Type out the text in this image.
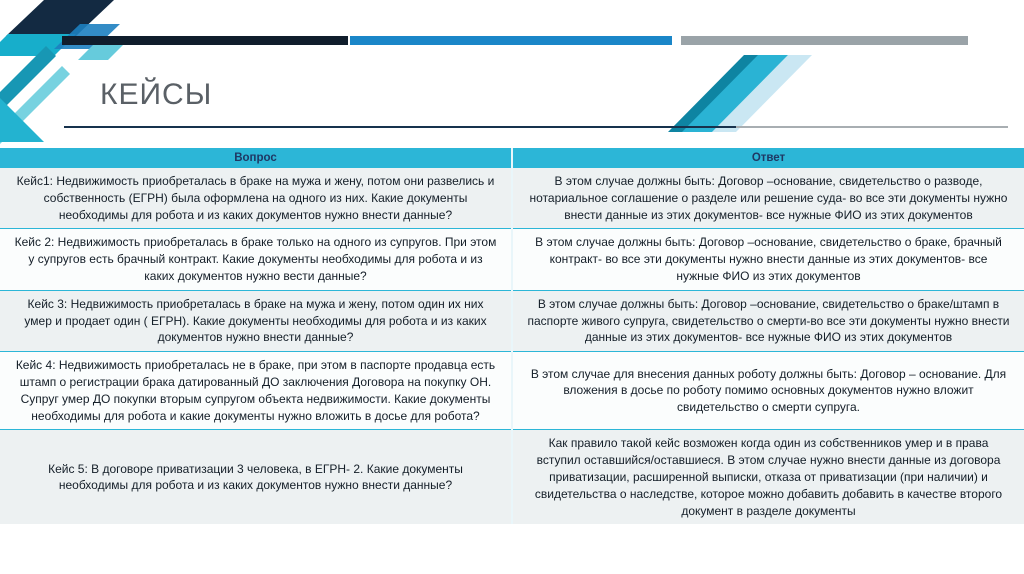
КЕЙСЫ
Вопрос	Ответ
Кейс1: Недвижимость приобреталась в браке на мужа и жену, потом они развелись и собственность (ЕГРН) была оформлена на одного из них. Какие документы необходимы для робота и из каких документов нужно внести данные?	В этом случае должны быть: Договор –основание, свидетельство о разводе, нотариальное соглашение о разделе или решение суда- во все эти документы нужно внести данные из этих документов- все нужные ФИО из этих документов
Кейс 2: Недвижимость приобреталась в браке только на одного из супругов. При этом у супругов есть брачный контракт. Какие документы необходимы для робота и из каких документов нужно вести данные?	В этом случае должны быть: Договор –основание, свидетельство о браке, брачный контракт- во все эти документы нужно внести данные из этих документов- все нужные ФИО из этих документов
Кейс 3: Недвижимость приобреталась в браке на мужа и жену, потом один их них умер и продает один ( ЕГРН). Какие документы необходимы для робота и из каких документов нужно внести данные?	В этом случае должны быть: Договор –основание, свидетельство о браке/штамп в паспорте живого супруга, свидетельство о смерти-во все эти документы нужно внести данные из этих документов- все нужные ФИО из этих документов
Кейс 4: Недвижимость приобреталась не в браке, при этом в паспорте продавца есть штамп о регистрации брака датированный ДО заключения Договора на покупку ОН. Супруг умер ДО покупки вторым супругом объекта недвижимости. Какие документы необходимы для робота и какие документы нужно вложить в досье для робота?	В этом случае для внесения данных роботу должны быть: Договор – основание. Для вложения в досье по роботу помимо основных документов нужно вложит свидетельство о смерти супруга.
Кейс 5: В договоре приватизации 3 человека, в ЕГРН- 2. Какие документы необходимы для робота и из каких документов нужно внести данные?	Как правило такой кейс возможен когда один из собственников умер и в права вступил оставшийся/оставшиеся. В этом случае нужно внести данные из договора приватизации, расширенной выписки, отказа от приватизации (при наличии) и свидетельства о наследстве, которое можно добавить добавить в качестве второго документ в разделе документы
